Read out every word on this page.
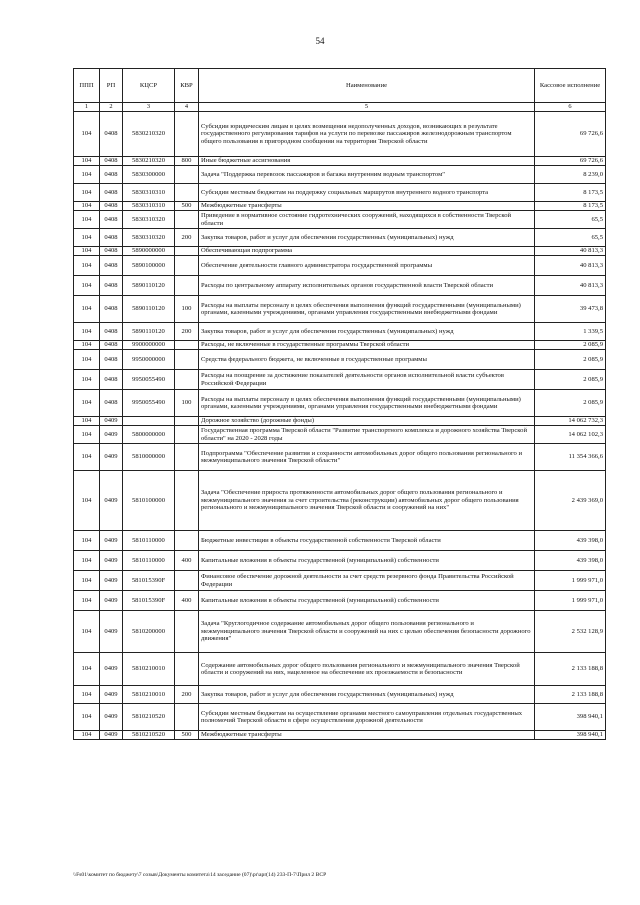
54
ППП	РП	КЦСР	КВР	Наименование	Кассовое исполнение
1	2	3	4	5	6
104	0408	5830210320		Субсидии юридическим лицам в целях возмещения недополученных доходов, возникающих в результате государственного регулирования тарифов на услуги по перевозке пассажиров железнодорожным транспортом общего пользования в пригородном сообщении на территории Тверской области	69 726,6
104	0408	5830210320	800	Иные бюджетные ассигнования	69 726,6
104	0408	5830300000		Задача "Поддержка перевозок пассажиров и багажа внутренним водным транспортом"	8 239,0
104	0408	5830310310		Субсидии местным бюджетам на поддержку социальных маршрутов внутреннего водного транспорта	8 173,5
104	0408	5830310310	500	Межбюджетные трансферты	8 173,5
104	0408	5830310320		Приведение в нормативное состояние гидротехнических сооружений, находящихся в собственности Тверской области	65,5
104	0408	5830310320	200	Закупка товаров, работ и услуг для обеспечения государственных (муниципальных) нужд	65,5
104	0408	5890000000		Обеспечивающая подпрограмма	40 813,3
104	0408	5890100000		Обеспечение деятельности главного администратора государственной программы	40 813,3
104	0408	5890110120		Расходы по центральному аппарату исполнительных органов государственной власти Тверской области	40 813,3
104	0408	5890110120	100	Расходы на выплаты персоналу в целях обеспечения выполнения функций государственными (муниципальными) органами, казенными учреждениями, органами управления государственными внебюджетными фондами	39 473,8
104	0408	5890110120	200	Закупка товаров, работ и услуг для обеспечения государственных (муниципальных) нужд	1 339,5
104	0408	9900000000		Расходы, не включенные в государственные программы Тверской области	2 085,9
104	0408	9950000000		Средства федерального бюджета, не включенные в государственные программы	2 085,9
104	0408	9950055490		Расходы на поощрение за достижение показателей деятельности органов исполнительной власти субъектов Российской Федерации	2 085,9
104	0408	9950055490	100	Расходы на выплаты персоналу в целях обеспечения выполнения функций государственными (муниципальными) органами, казенными учреждениями, органами управления государственными внебюджетными фондами	2 085,9
104	0409			Дорожное хозяйство (дорожные фонды)	14 062 732,3
104	0409	5800000000		Государственная программа Тверской области "Развитие транспортного комплекса и дорожного хозяйства Тверской области" на 2020 - 2028 годы	14 062 102,3
104	0409	5810000000		Подпрограмма "Обеспечение развития и сохранности автомобильных дорог общего пользования регионального и межмуниципального значения Тверской области"	11 354 366,6
104	0409	5810100000		Задача "Обеспечение прироста протяженности автомобильных дорог общего пользования регионального и межмуниципального значения за счет строительства (реконструкции) автомобильных дорог общего пользования регионального и межмуниципального значения Тверской области и сооружений на них"	2 439 369,0
104	0409	5810110000		Бюджетные инвестиции в объекты государственной собственности Тверской области	439 398,0
104	0409	5810110000	400	Капитальные вложения в объекты государственной (муниципальной) собственности	439 398,0
104	0409	581015390F		Финансовое обеспечение дорожной деятельности за счет средств резервного фонда Правительства Российской Федерации	1 999 971,0
104	0409	581015390F	400	Капитальные вложения в объекты государственной (муниципальной) собственности	1 999 971,0
104	0409	5810200000		Задача "Круглогодичное содержание автомобильных дорог общего пользования регионального и межмуниципального значения Тверской области и сооружений на них с целью обеспечения безопасности дорожного движения"	2 532 128,9
104	0409	5810210010		Содержание автомобильных дорог общего пользования регионального и межмуниципального значения Тверской области и сооружений на них, нацеленное на обеспечение их проезжаемости и безопасности	2 133 188,8
104	0409	5810210010	200	Закупка товаров, работ и услуг для обеспечения государственных (муниципальных) нужд	2 133 188,8
104	0409	5810210520		Субсидии местным бюджетам на осуществление органами местного самоуправления отдельных государственных полномочий Тверской области в сфере осуществления дорожной деятельности	398 940,1
104	0409	5810210520	500	Межбюджетные трансферты	398 940,1
\\Fs01\комитет по бюджету\7 созыв\Документы комитета\14 заседание (07)\pr\apr(14) 233-П-7\Прил 2 ВСР
